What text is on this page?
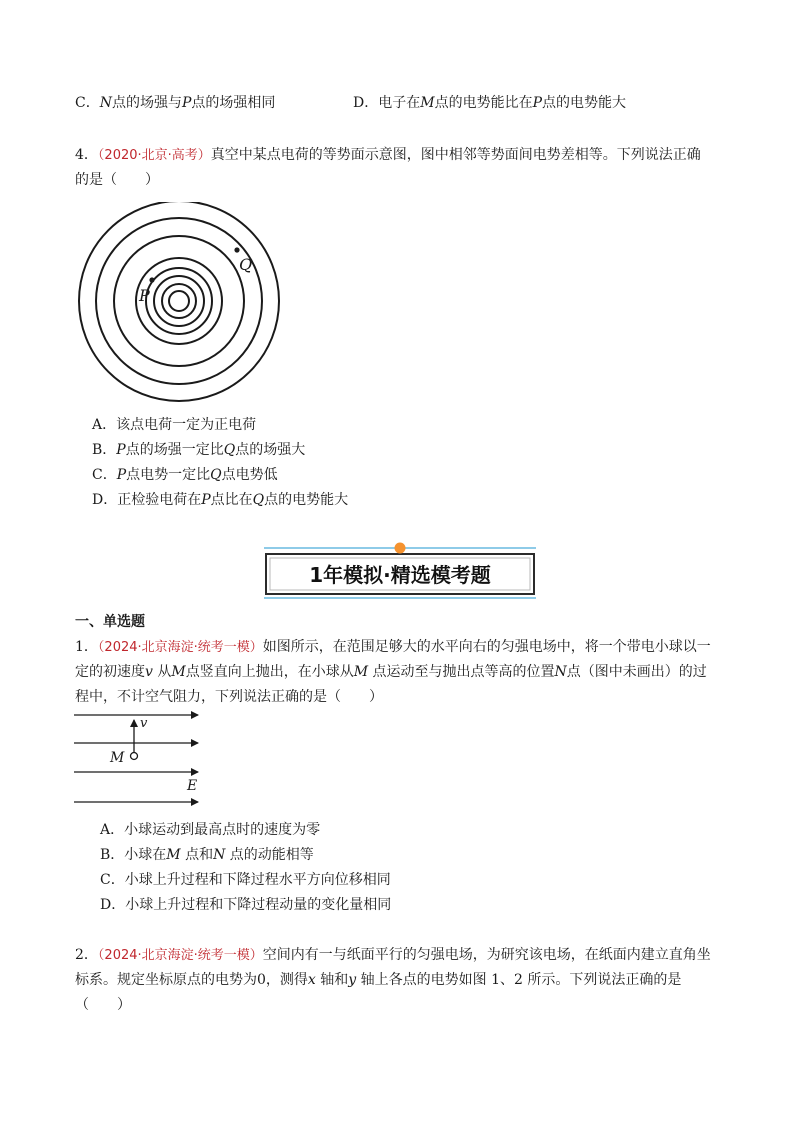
C．N点的场强与P点的场强相同	D．电子在M点的电势能比在P点的电势能大
4．（2020·北京·高考）真空中某点电荷的等势面示意图，图中相邻等势面间电势差相等。下列说法正确
的是（　　）
P
Q
A．该点电荷一定为正电荷
B．P点的场强一定比Q点的场强大
C．P点电势一定比Q点电势低
D．正检验电荷在P点比在Q点的电势能大
1年模拟·精选模考题
一、单选题
1．（2024·北京海淀·统考一模）如图所示，在范围足够大的水平向右的匀强电场中，将一个带电小球以一
定的初速度v 从M点竖直向上抛出，在小球从M 点运动至与抛出点等高的位置N点（图中未画出）的过
程中，不计空气阻力，下列说法正确的是（　　）
v
M
E
A．小球运动到最高点时的速度为零
B．小球在M 点和N 点的动能相等
C．小球上升过程和下降过程水平方向位移相同
D．小球上升过程和下降过程动量的变化量相同
2．（2024·北京海淀·统考一模）空间内有一与纸面平行的匀强电场，为研究该电场，在纸面内建立直角坐
标系。规定坐标原点的电势为0，测得x 轴和y 轴上各点的电势如图 1、2 所示。下列说法正确的是
（　　）
